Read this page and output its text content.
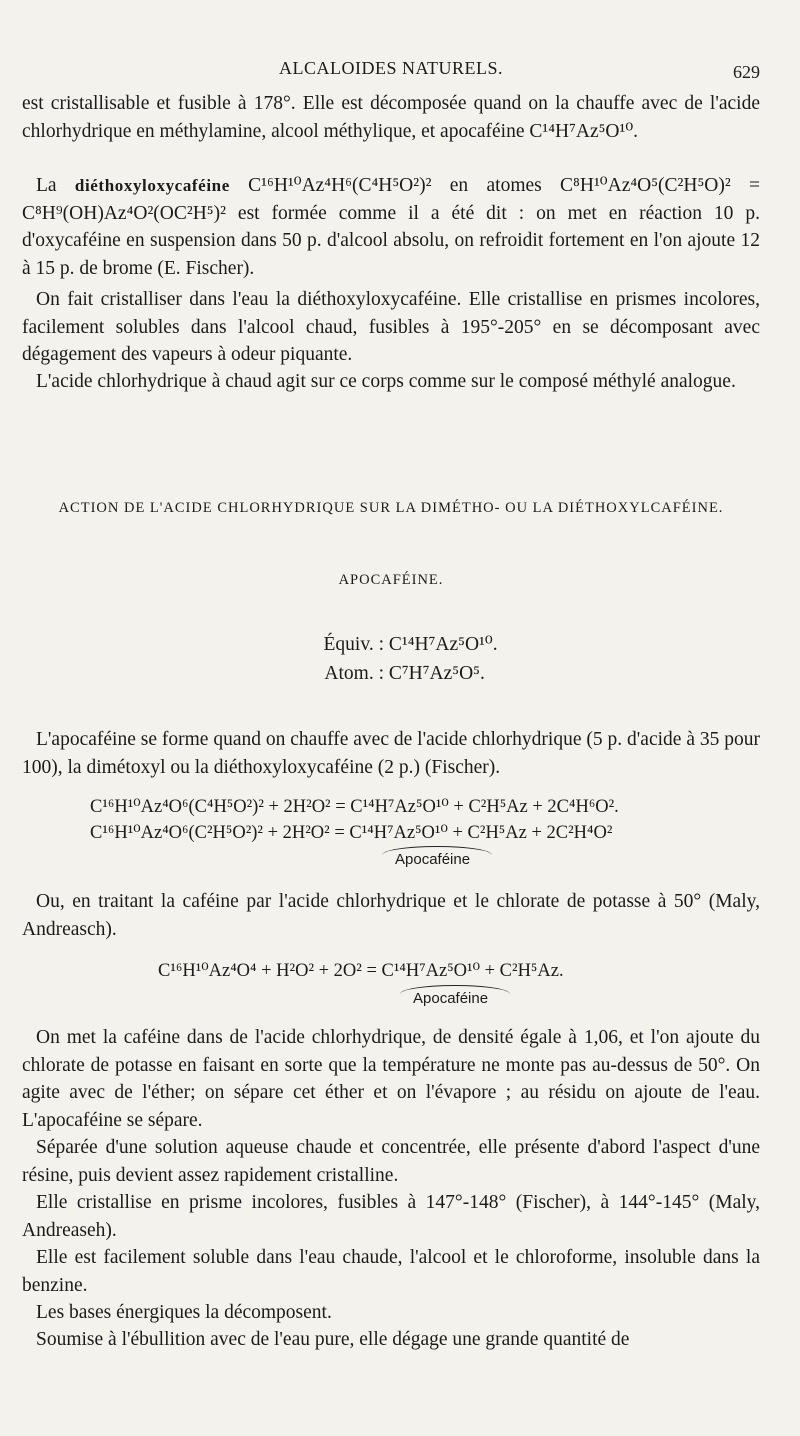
ALCALOIDES NATURELS.	629

est cristallisable et fusible à 178°. Elle est décomposée quand on la chauffe avec de l'acide chlorhydrique en méthylamine, alcool méthylique, et apocaféine C¹⁴H⁷Az⁵O¹⁰.

La diéthoxyloxycaféine C¹⁶H¹⁰Az⁴H⁶(C⁴H⁵O²)² en atomes C⁸H¹⁰Az⁴O⁵(C²H⁵O)² = C⁸H⁹(OH)Az⁴O²(OC²H⁵)² est formée comme il a été dit : on met en réaction 10 p. d'oxycaféine en suspension dans 50 p. d'alcool absolu, on refroidit fortement en l'on ajoute 12 à 15 p. de brome (E. Fischer).

On fait cristalliser dans l'eau la diéthoxyloxycaféine. Elle cristallise en prismes incolores, facilement solubles dans l'alcool chaud, fusibles à 195°-205° en se décomposant avec dégagement des vapeurs à odeur piquante.

L'acide chlorhydrique à chaud agit sur ce corps comme sur le composé méthylé analogue.

ACTION DE L'ACIDE CHLORHYDRIQUE SUR LA DIMÉTHO- OU LA DIÉTHOXYLCAFÉINE.
APOCAFÉINE.
Équiv. : C¹⁴H⁷Az⁵O¹⁰.
Atom. : C⁷H⁷Az⁵O⁵.

L'apocaféine se forme quand on chauffe avec de l'acide chlorhydrique (5 p. d'acide à 35 pour 100), la dimétoxyl ou la diéthoxyloxycaféine (2 p.) (Fischer).

C¹⁶H¹⁰Az⁴O⁶(C⁴H⁵O²)² + 2H²O² = C¹⁴H⁷Az⁵O¹⁰ + C²H⁵Az + 2C⁴H⁶O².
C¹⁶H¹⁰Az⁴O⁶(C²H⁵O²)² + 2H²O² = C¹⁴H⁷Az⁵O¹⁰ + C²H⁵Az + 2C²H⁴O²
Apocaféine

Ou, en traitant la caféine par l'acide chlorhydrique et le chlorate de potasse à 50° (Maly, Andreasch).

C¹⁶H¹⁰Az⁴O⁴ + H²O² + 2O² = C¹⁴H⁷Az⁵O¹⁰ + C²H⁵Az.
Apocaféine

On met la caféine dans de l'acide chlorhydrique, de densité égale à 1,06, et l'on ajoute du chlorate de potasse en faisant en sorte que la température ne monte pas au-dessus de 50°. On agite avec de l'éther; on sépare cet éther et on l'évapore ; au résidu on ajoute de l'eau. L'apocaféine se sépare.

Séparée d'une solution aqueuse chaude et concentrée, elle présente d'abord l'aspect d'une résine, puis devient assez rapidement cristalline.

Elle cristallise en prisme incolores, fusibles à 147°-148° (Fischer), à 144°-145° (Maly, Andreaseh).

Elle est facilement soluble dans l'eau chaude, l'alcool et le chloroforme, insoluble dans la benzine.

Les bases énergiques la décomposent.

Soumise à l'ébullition avec de l'eau pure, elle dégage une grande quantité de
